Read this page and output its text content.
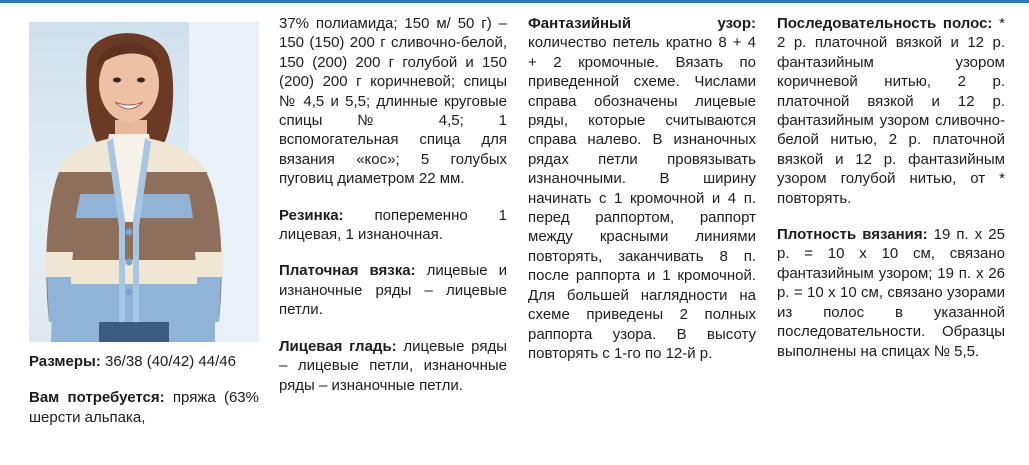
Размеры: 36/38 (40/42) 44/46

Вам потребуется: пряжа (63% шерсти альпака,

37% полиамида; 150 м/ 50 г) – 150 (150) 200 г сливочно-белой, 150 (200) 200 г голубой и 150 (200) 200 г коричневой; спицы № 4,5 и 5,5; длинные круговые спицы № 4,5; 1 вспомогательная спица для вязания «кос»; 5 голубых пуговиц диаметром 22 мм.

Резинка: попеременно 1 лицевая, 1 изнаночная.

Платочная вязка: лицевые и изнаночные ряды – лицевые петли.

Лицевая гладь: лицевые ряды – лицевые петли, изнаночные ряды – изнаночные петли.

Фантазийный узор: количество петель кратно 8 + 4 + 2 кромочные. Вязать по приведенной схеме. Числами справа обозначены лицевые ряды, которые считываются справа налево. В изнаночных рядах петли провязывать изнаночными. В ширину начинать с 1 кромочной и 4 п. перед раппортом, раппорт между красными линиями повторять, заканчивать 8 п. после раппорта и 1 кромочной. Для большей наглядности на схеме приведены 2 полных раппорта узора. В высоту повторять с 1-го по 12-й р.

Последовательность полос: * 2 р. платочной вязкой и 12 р. фантазийным узором коричневой нитью, 2 р. платочной вязкой и 12 р. фантазийным узором сливочно-белой нитью, 2 р. платочной вязкой и 12 р. фантазийным узором голубой нитью, от * повторять.

Плотность вязания: 19 п. x 25 р. = 10 x 10 см, связано фантазийным узором; 19 п. x 26 р. = 10 x 10 см, связано узорами из полос в указанной последовательности. Образцы выполнены на спицах № 5,5.
